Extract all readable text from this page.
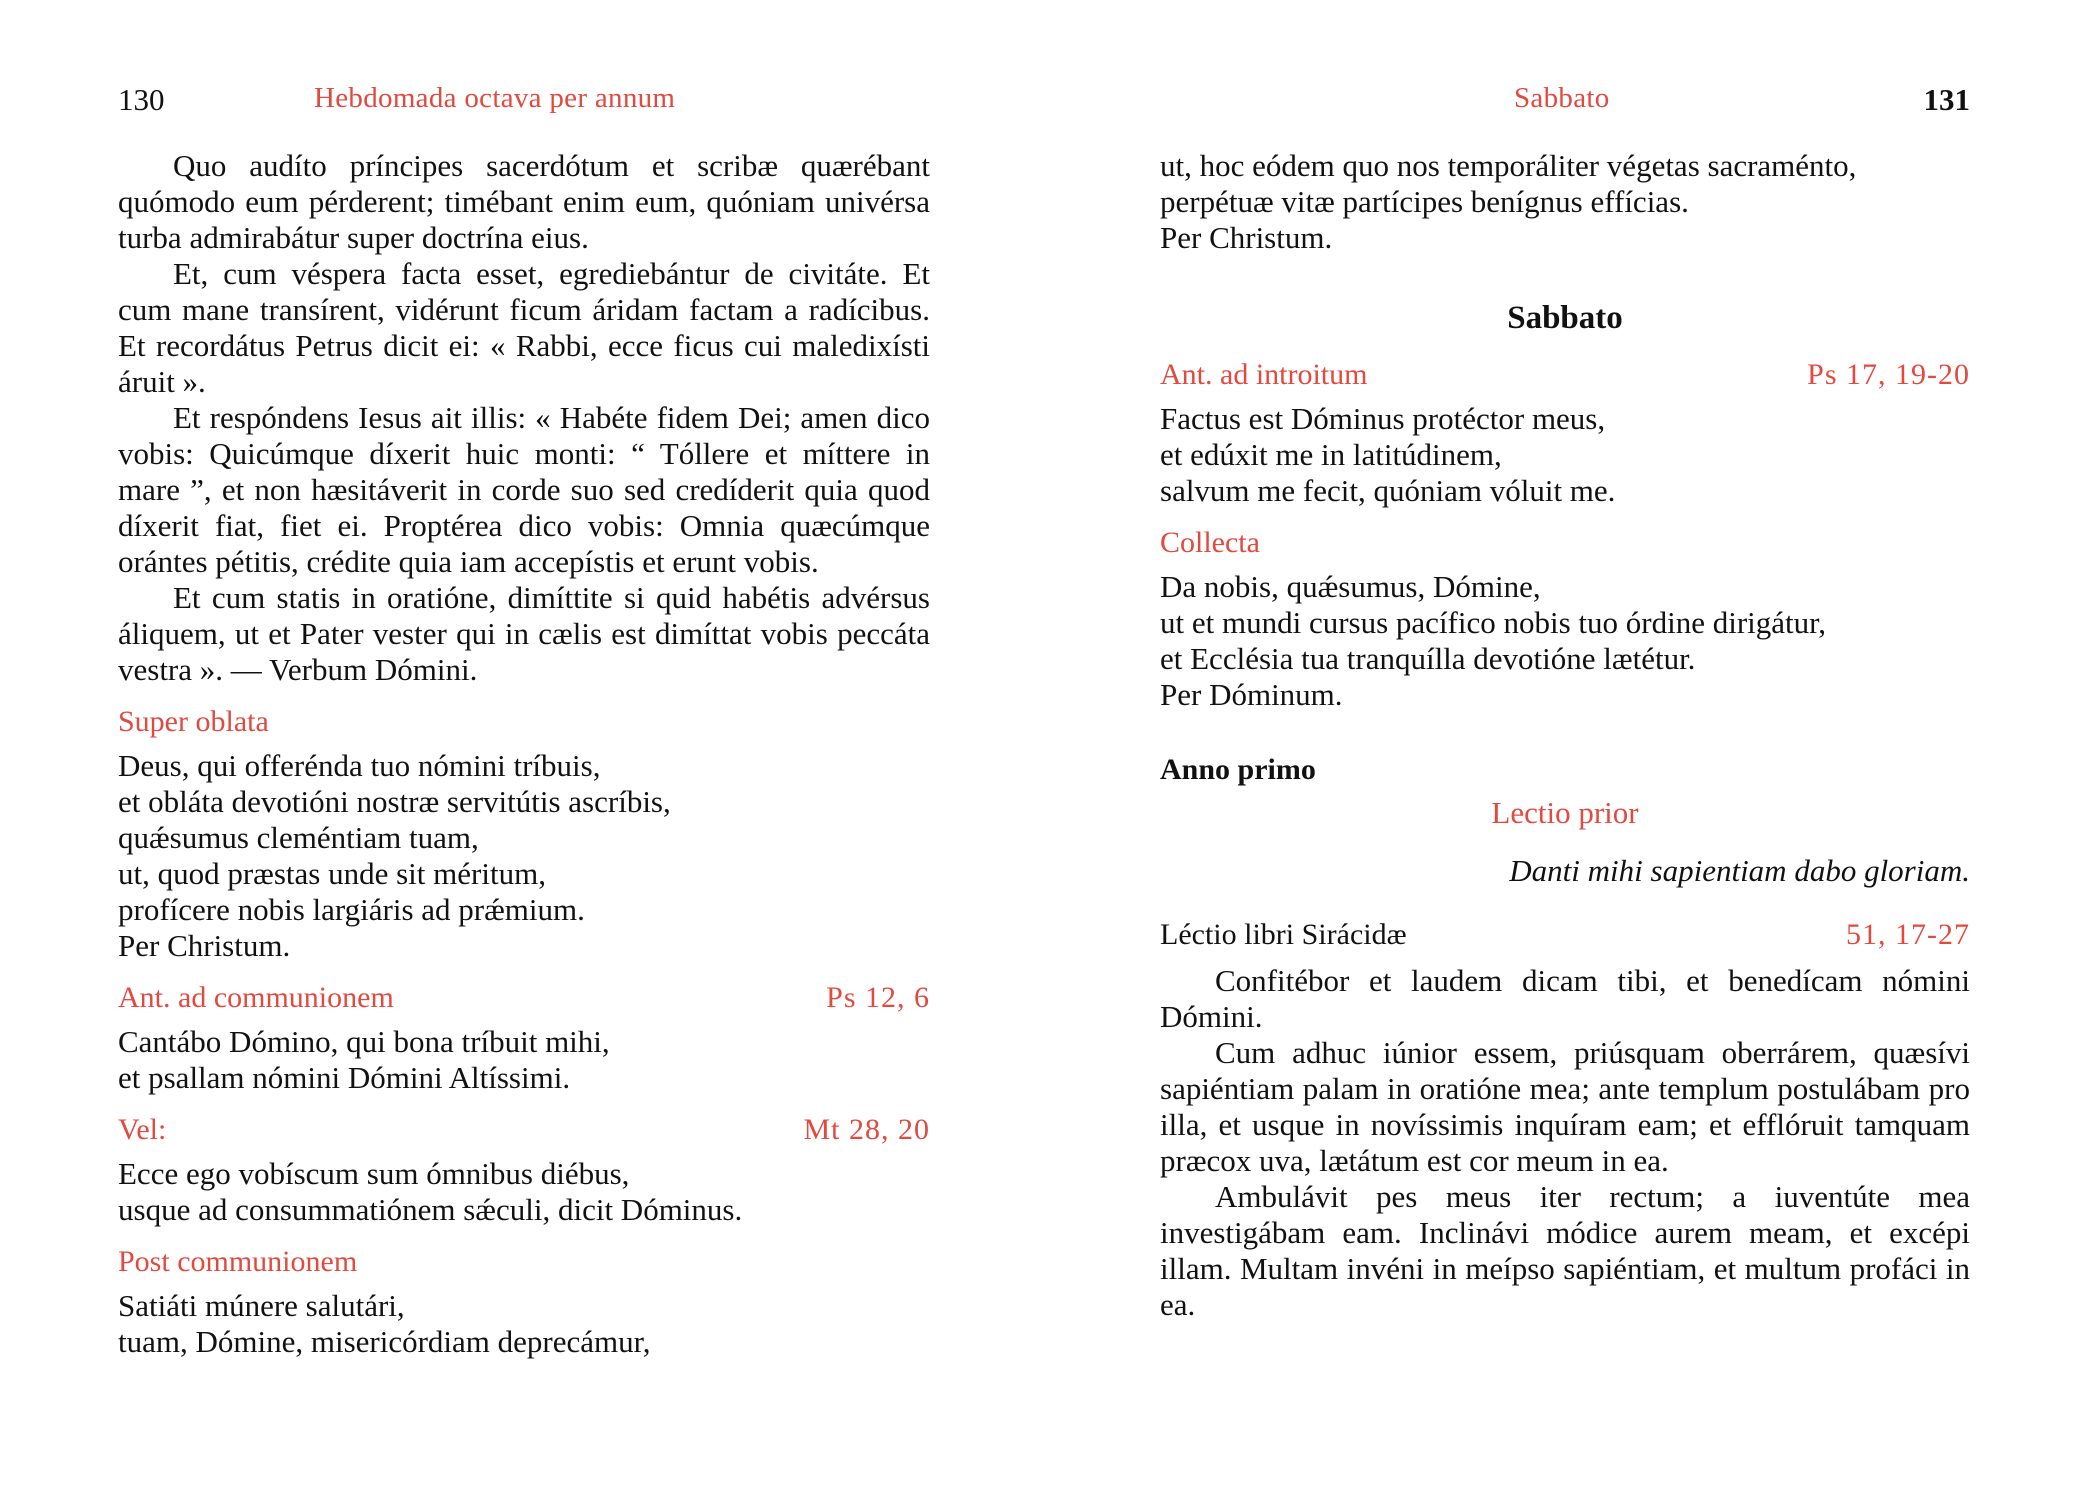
130	Hebdomada octava per annum

Quo audíto príncipes sacerdótum et scribæ quærébant quómodo eum pérderent; timébant enim eum, quóniam univérsa turba admirabátur super doctrína eius.

Et, cum véspera facta esset, egrediebántur de civitáte. Et cum mane transírent, vidérunt ficum áridam factam a radícibus. Et recordátus Petrus dicit ei: « Rabbi, ecce ficus cui maledixísti áruit ».

Et respóndens Iesus ait illis: « Habéte fidem Dei; amen dico vobis: Quicúmque díxerit huic monti: “ Tóllere et míttere in mare ”, et non hæsitáverit in corde suo sed credíderit quia quod díxerit fiat, fiet ei. Proptérea dico vobis: Omnia quæcúmque orántes pétitis, crédite quia iam accepístis et erunt vobis.

Et cum statis in oratióne, dimíttite si quid habétis advérsus áliquem, ut et Pater vester qui in cælis est dimíttat vobis peccáta vestra ». — Verbum Dómini.

Super oblata
Deus, qui offerénda tuo nómini tríbuis,
et obláta devotióni nostræ servitútis ascríbis,
quǽsumus cleméntiam tuam,
ut, quod præstas unde sit méritum,
profícere nobis largiáris ad prǽmium.
Per Christum.
Ant. ad communionem	Ps 12, 6
Cantábo Dómino, qui bona tríbuit mihi,
et psallam nómini Dómini Altíssimi.
Vel:	Mt 28, 20
Ecce ego vobíscum sum ómnibus diébus,
usque ad consummatiónem sǽculi, dicit Dóminus.
Post communionem
Satiáti múnere salutári,
tuam, Dómine, misericórdiam deprecámur,
Sabbato	131
ut, hoc eódem quo nos temporáliter végetas sacraménto,
perpétuæ vitæ partícipes benígnus effícias.
Per Christum.
Sabbato
Ant. ad introitum	Ps 17, 19-20
Factus est Dóminus protéctor meus,
et edúxit me in latitúdinem,
salvum me fecit, quóniam vóluit me.
Collecta
Da nobis, quǽsumus, Dómine,
ut et mundi cursus pacífico nobis tuo órdine dirigátur,
et Ecclésia tua tranquílla devotióne lætétur.
Per Dóminum.
Anno primo
Lectio prior
Danti mihi sapientiam dabo gloriam.
Léctio libri Sirácidæ	51, 17-27

Confitébor et laudem dicam tibi, et benedícam nómini Dómini.

Cum adhuc iúnior essem, priúsquam oberrárem, quæsívi sapiéntiam palam in oratióne mea; ante templum postulábam pro illa, et usque in novíssimis inquíram eam; et efflóruit tamquam præcox uva, lætátum est cor meum in ea.

Ambulávit pes meus iter rectum; a iuventúte mea investigábam eam. Inclinávi módice aurem meam, et excépi illam. Multam invéni in meípso sapiéntiam, et multum profáci in ea.
